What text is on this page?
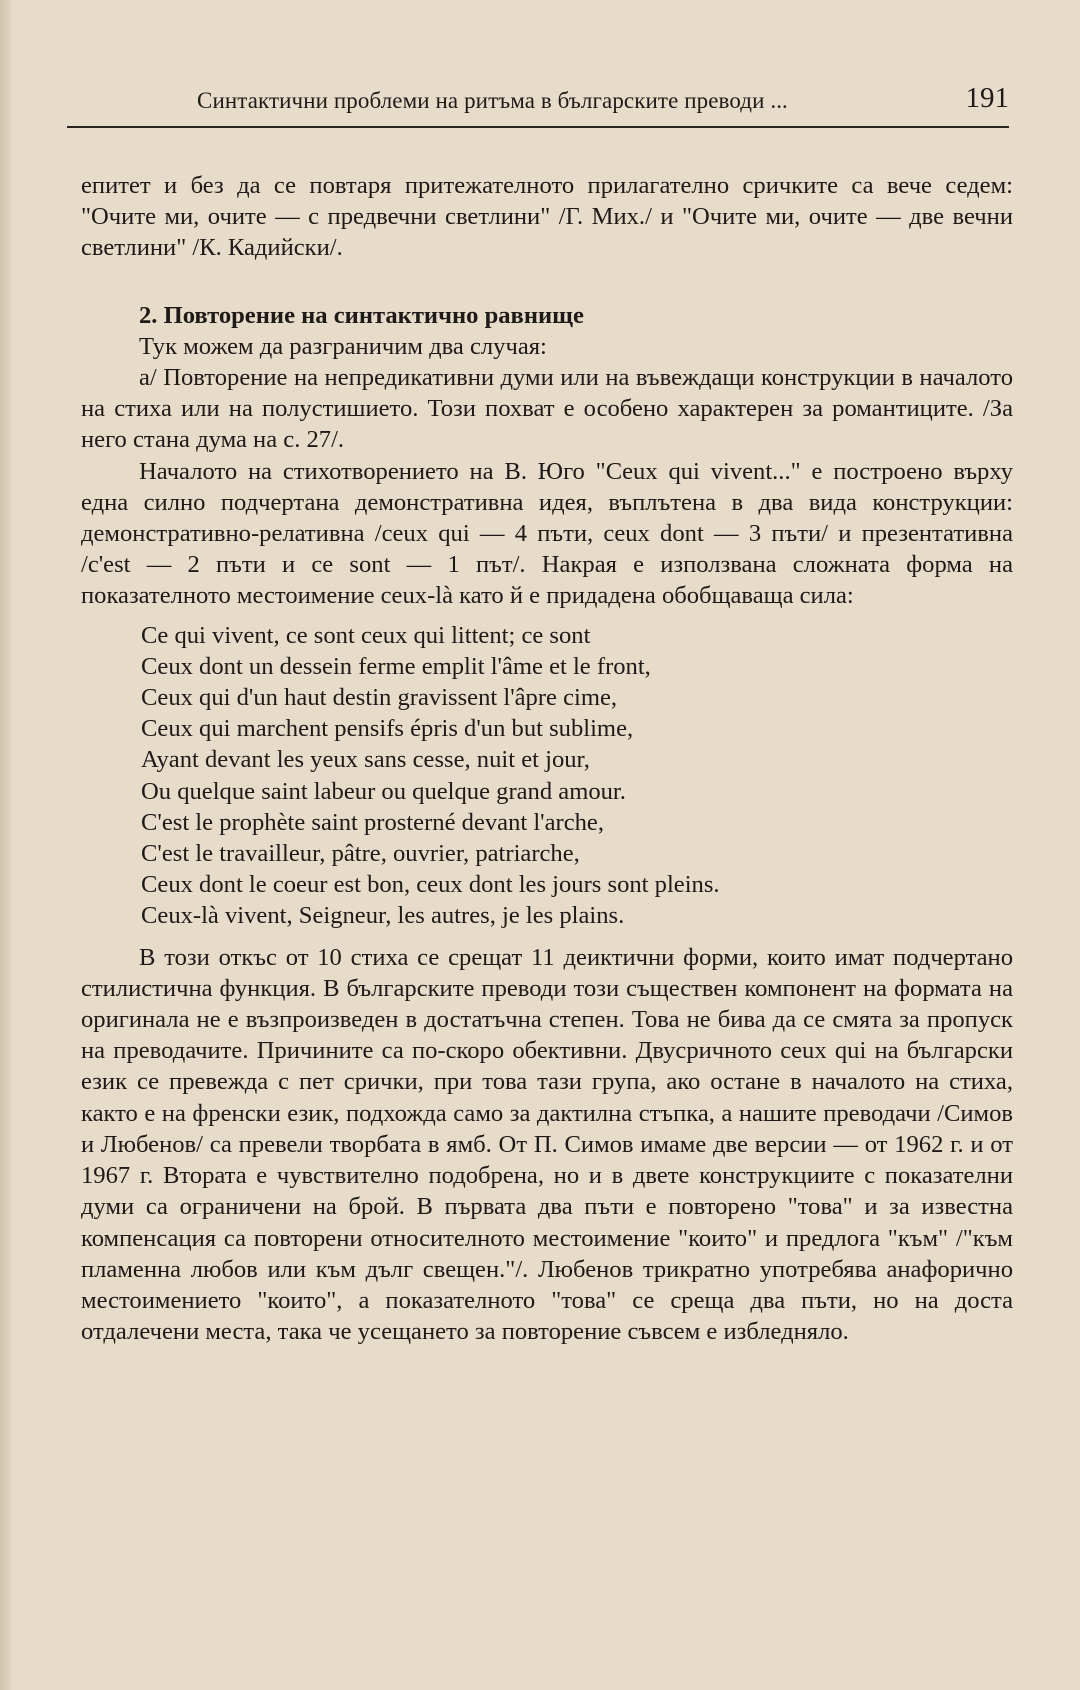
Синтактични проблеми на ритъма в българските преводи ...	191

епитет и без да се повтаря притежателното прилагателно сричките са вече седем: "Очите ми, очите — с предвечни светлини" /Г. Мих./ и "Очите ми, очите — две вечни светлини" /К. Кадийски/.

2. Повторение на синтактично равнище

Тук можем да разграничим два случая:

а/ Повторение на непредикативни думи или на въвеждащи конструкции в началото на стиха или на полустишието. Този похват е особено характерен за романтиците. /За него стана дума на с. 27/.

Началото на стихотворението на В. Юго "Ceux qui vivent..." е построено върху една силно подчертана демонстративна идея, въплътена в два вида конструкции: демонстративно-релативна /ceux qui — 4 пъти, ceux dont — 3 пъти/ и презентативна /c'est — 2 пъти и ce sont — 1 път/. Накрая е използвана сложната форма на показателното местоимение ceux-là като й е придадена обобщаваща сила:

Ce qui vivent, ce sont ceux qui littent; ce sont
Ceux dont un dessein ferme emplit l'âme et le front,
Ceux qui d'un haut destin gravissent l'âpre cime,
Ceux qui marchent pensifs épris d'un but sublime,
Ayant devant les yeux sans cesse, nuit et jour,
Ou quelque saint labeur ou quelque grand amour.
C'est le prophète saint prosterné devant l'arche,
C'est le travailleur, pâtre, ouvrier, patriarche,
Ceux dont le coeur est bon, ceux dont les jours sont pleins.
Ceux-là vivent, Seigneur, les autres, je les plains.

В този откъс от 10 стиха се срещат 11 деиктични форми, които имат подчертано стилистична функция. В българските преводи този съществен компонент на формата на оригинала не е възпроизведен в достатъчна степен. Това не бива да се смята за пропуск на преводачите. Причините са по-скоро обективни. Двусричното ceux qui на български език се превежда с пет срички, при това тази група, ако остане в началото на стиха, както е на френски език, подхожда само за дактилна стъпка, а нашите преводачи /Симов и Любенов/ са превели творбата в ямб. От П. Симов имаме две версии — от 1962 г. и от 1967 г. Втората е чувствително подобрена, но и в двете конструкциите с показателни думи са ограничени на брой. В първата два пъти е повторено "това" и за известна компенсация са повторени относителното местоимение "които" и предлога "към" /"към пламенна любов или към дълг свещен."/. Любенов трикратно употребява анафорично местоимението "които", а показателното "това" се среща два пъти, но на доста отдалечени места, така че усещането за повторение съвсем е избледняло.
